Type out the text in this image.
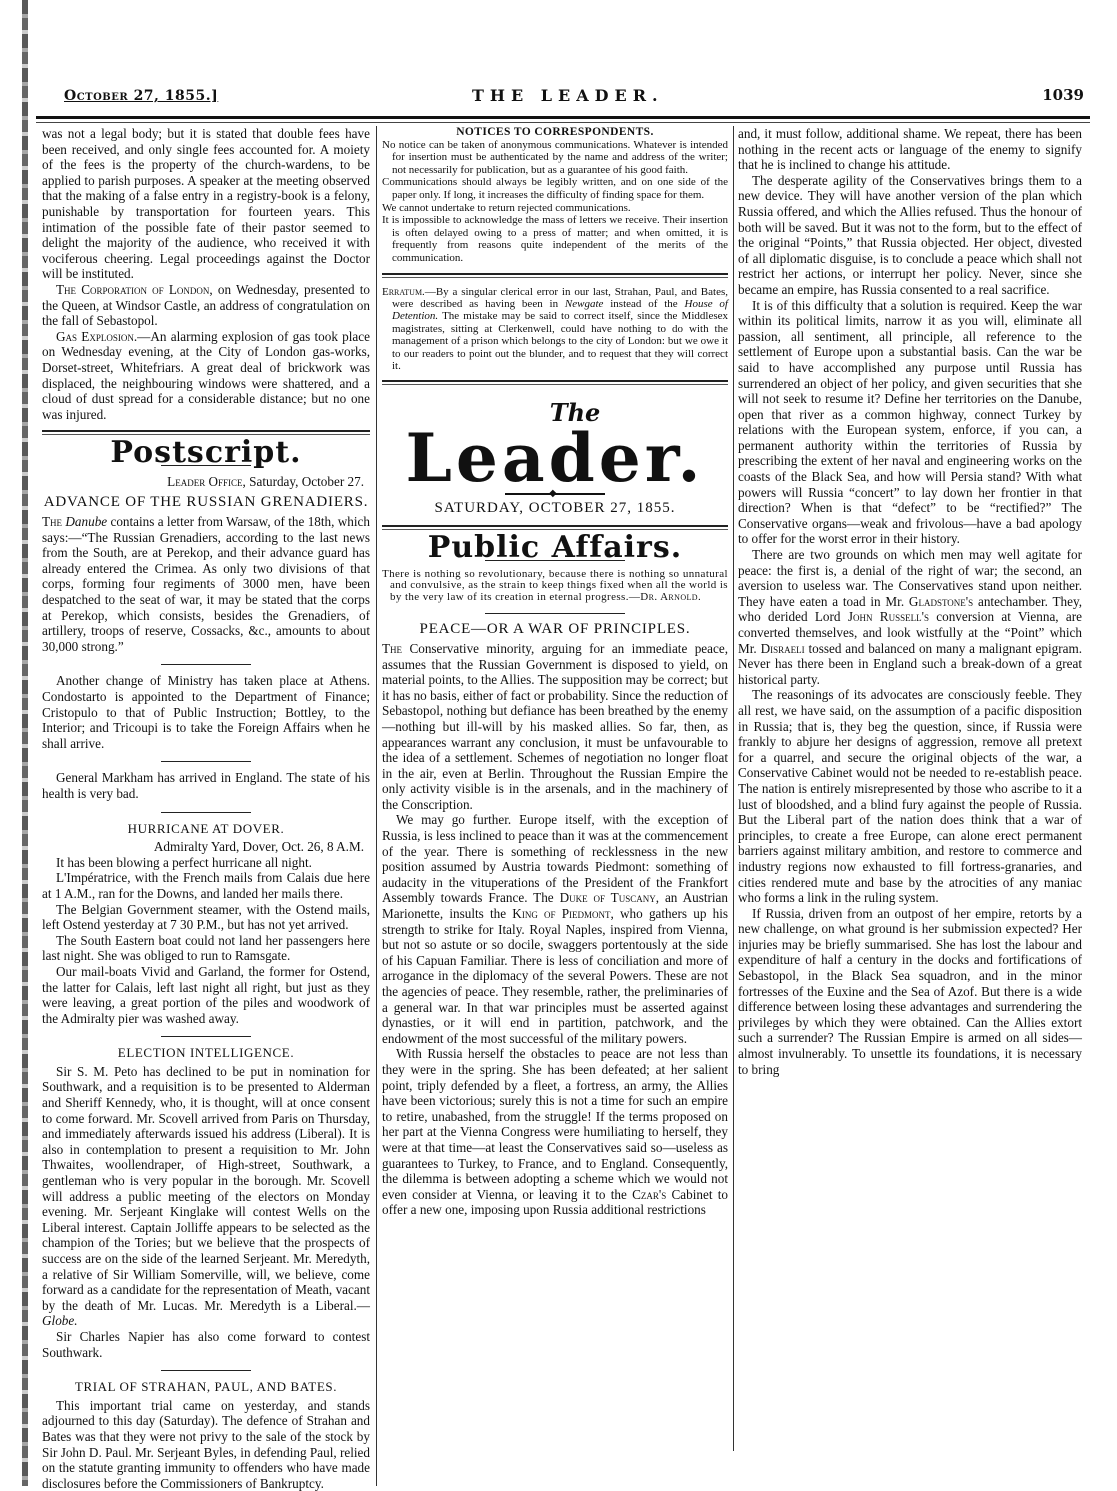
October 27, 1855.]	THE LEADER.	1039

was not a legal body; but it is stated that double fees have been received, and only single fees accounted for. A moiety of the fees is the property of the church-wardens, to be applied to parish purposes. A speaker at the meeting observed that the making of a false entry in a registry-book is a felony, punishable by transportation for fourteen years. This intimation of the possible fate of their pastor seemed to delight the majority of the audience, who received it with vociferous cheering. Legal proceedings against the Doctor will be instituted.

The Corporation of London, on Wednesday, presented to the Queen, at Windsor Castle, an address of congratulation on the fall of Sebastopol.

Gas Explosion.—An alarming explosion of gas took place on Wednesday evening, at the City of London gas-works, Dorset-street, Whitefriars. A great deal of brickwork was displaced, the neighbouring windows were shattered, and a cloud of dust spread for a considerable distance; but no one was injured.

Postscript.

Leader Office, Saturday, October 27.

ADVANCE OF THE RUSSIAN GRENADIERS.

The Danube contains a letter from Warsaw, of the 18th, which says:—“The Russian Grenadiers, according to the last news from the South, are at Perekop, and their advance guard has already entered the Crimea. As only two divisions of that corps, forming four regiments of 3000 men, have been despatched to the seat of war, it may be stated that the corps at Perekop, which consists, besides the Grenadiers, of artillery, troops of reserve, Cossacks, &c., amounts to about 30,000 strong.”

Another change of Ministry has taken place at Athens. Condostarto is appointed to the Department of Finance; Cristopulo to that of Public Instruction; Bottley, to the Interior; and Tricoupi is to take the Foreign Affairs when he shall arrive.

General Markham has arrived in England. The state of his health is very bad.

HURRICANE AT DOVER.

Admiralty Yard, Dover, Oct. 26, 8 A.M.

It has been blowing a perfect hurricane all night.

L'Impératrice, with the French mails from Calais due here at 1 A.M., ran for the Downs, and landed her mails there.

The Belgian Government steamer, with the Ostend mails, left Ostend yesterday at 7 30 P.M., but has not yet arrived.

The South Eastern boat could not land her passengers here last night. She was obliged to run to Ramsgate.

Our mail-boats Vivid and Garland, the former for Ostend, the latter for Calais, left last night all right, but just as they were leaving, a great portion of the piles and woodwork of the Admiralty pier was washed away.

ELECTION INTELLIGENCE.

Sir S. M. Peto has declined to be put in nomination for Southwark, and a requisition is to be presented to Alderman and Sheriff Kennedy, who, it is thought, will at once consent to come forward. Mr. Scovell arrived from Paris on Thursday, and immediately afterwards issued his address (Liberal). It is also in contemplation to present a requisition to Mr. John Thwaites, woollendraper, of High-street, Southwark, a gentleman who is very popular in the borough. Mr. Scovell will address a public meeting of the electors on Monday evening. Mr. Serjeant Kinglake will contest Wells on the Liberal interest. Captain Jolliffe appears to be selected as the champion of the Tories; but we believe that the prospects of success are on the side of the learned Serjeant. Mr. Meredyth, a relative of Sir William Somerville, will, we believe, come forward as a candidate for the representation of Meath, vacant by the death of Mr. Lucas. Mr. Meredyth is a Liberal.—Globe.

Sir Charles Napier has also come forward to contest Southwark.

TRIAL OF STRAHAN, PAUL, AND BATES.

This important trial came on yesterday, and stands adjourned to this day (Saturday). The defence of Strahan and Bates was that they were not privy to the sale of the stock by Sir John D. Paul. Mr. Serjeant Byles, in defending Paul, relied on the statute granting immunity to offenders who have made disclosures before the Commissioners of Bankruptcy.

NOTICES TO CORRESPONDENTS.

No notice can be taken of anonymous communications. Whatever is intended for insertion must be authenticated by the name and address of the writer; not necessarily for publication, but as a guarantee of his good faith.

Communications should always be legibly written, and on one side of the paper only. If long, it increases the difficulty of finding space for them.

We cannot undertake to return rejected communications.

It is impossible to acknowledge the mass of letters we receive. Their insertion is often delayed owing to a press of matter; and when omitted, it is frequently from reasons quite independent of the merits of the communication.

Erratum.—By a singular clerical error in our last, Strahan, Paul, and Bates, were described as having been in Newgate instead of the House of Detention. The mistake may be said to correct itself, since the Middlesex magistrates, sitting at Clerkenwell, could have nothing to do with the management of a prison which belongs to the city of London: but we owe it to our readers to point out the blunder, and to request that they will correct it.

The
Leader.
◆
SATURDAY, OCTOBER 27, 1855.
Public Affairs.

There is nothing so revolutionary, because there is nothing so unnatural and convulsive, as the strain to keep things fixed when all the world is by the very law of its creation in eternal progress.—Dr. Arnold.

PEACE—OR A WAR OF PRINCIPLES.

The Conservative minority, arguing for an immediate peace, assumes that the Russian Government is disposed to yield, on material points, to the Allies. The supposition may be correct; but it has no basis, either of fact or probability. Since the reduction of Sebastopol, nothing but defiance has been breathed by the enemy—nothing but ill-will by his masked allies. So far, then, as appearances warrant any conclusion, it must be unfavourable to the idea of a settlement. Schemes of negotiation no longer float in the air, even at Berlin. Throughout the Russian Empire the only activity visible is in the arsenals, and in the machinery of the Conscription.

We may go further. Europe itself, with the exception of Russia, is less inclined to peace than it was at the commencement of the year. There is something of recklessness in the new position assumed by Austria towards Piedmont: something of audacity in the vituperations of the President of the Frankfort Assembly towards France. The Duke of Tuscany, an Austrian Marionette, insults the King of Piedmont, who gathers up his strength to strike for Italy. Royal Naples, inspired from Vienna, but not so astute or so docile, swaggers portentously at the side of his Capuan Familiar. There is less of conciliation and more of arrogance in the diplomacy of the several Powers. These are not the agencies of peace. They resemble, rather, the preliminaries of a general war. In that war principles must be asserted against dynasties, or it will end in partition, patchwork, and the endowment of the most successful of the military powers.

With Russia herself the obstacles to peace are not less than they were in the spring. She has been defeated; at her salient point, triply defended by a fleet, a fortress, an army, the Allies have been victorious; surely this is not a time for such an empire to retire, unabashed, from the struggle! If the terms proposed on her part at the Vienna Congress were humiliating to herself, they were at that time—at least the Conservatives said so—useless as guarantees to Turkey, to France, and to England. Consequently, the dilemma is between adopting a scheme which we would not even consider at Vienna, or leaving it to the Czar's Cabinet to offer a new one, imposing upon Russia additional restrictions

and, it must follow, additional shame. We repeat, there has been nothing in the recent acts or language of the enemy to signify that he is inclined to change his attitude.

The desperate agility of the Conservatives brings them to a new device. They will have another version of the plan which Russia offered, and which the Allies refused. Thus the honour of both will be saved. But it was not to the form, but to the effect of the original “Points,” that Russia objected. Her object, divested of all diplomatic disguise, is to conclude a peace which shall not restrict her actions, or interrupt her policy. Never, since she became an empire, has Russia consented to a real sacrifice.

It is of this difficulty that a solution is required. Keep the war within its political limits, narrow it as you will, eliminate all passion, all sentiment, all principle, all reference to the settlement of Europe upon a substantial basis. Can the war be said to have accomplished any purpose until Russia has surrendered an object of her policy, and given securities that she will not seek to resume it? Define her territories on the Danube, open that river as a common highway, connect Turkey by relations with the European system, enforce, if you can, a permanent authority within the territories of Russia by prescribing the extent of her naval and engineering works on the coasts of the Black Sea, and how will Persia stand? With what powers will Russia “concert” to lay down her frontier in that direction? When is that “defect” to be “rectified?” The Conservative organs—weak and frivolous—have a bad apology to offer for the worst error in their history.

There are two grounds on which men may well agitate for peace: the first is, a denial of the right of war; the second, an aversion to useless war. The Conservatives stand upon neither. They have eaten a toad in Mr. Gladstone's antechamber. They, who derided Lord John Russell's conversion at Vienna, are converted themselves, and look wistfully at the “Point” which Mr. Disraeli tossed and balanced on many a malignant epigram. Never has there been in England such a break-down of a great historical party.

The reasonings of its advocates are consciously feeble. They all rest, we have said, on the assumption of a pacific disposition in Russia; that is, they beg the question, since, if Russia were frankly to abjure her designs of aggression, remove all pretext for a quarrel, and secure the original objects of the war, a Conservative Cabinet would not be needed to re-establish peace. The nation is entirely misrepresented by those who ascribe to it a lust of bloodshed, and a blind fury against the people of Russia. But the Liberal part of the nation does think that a war of principles, to create a free Europe, can alone erect permanent barriers against military ambition, and restore to commerce and industry regions now exhausted to fill fortress-granaries, and cities rendered mute and base by the atrocities of any maniac who forms a link in the ruling system.

If Russia, driven from an outpost of her empire, retorts by a new challenge, on what ground is her submission expected? Her injuries may be briefly summarised. She has lost the labour and expenditure of half a century in the docks and fortifications of Sebastopol, in the Black Sea squadron, and in the minor fortresses of the Euxine and the Sea of Azof. But there is a wide difference between losing these advantages and surrendering the privileges by which they were obtained. Can the Allies extort such a surrender? The Russian Empire is armed on all sides—almost invulnerably. To unsettle its foundations, it is necessary to bring
